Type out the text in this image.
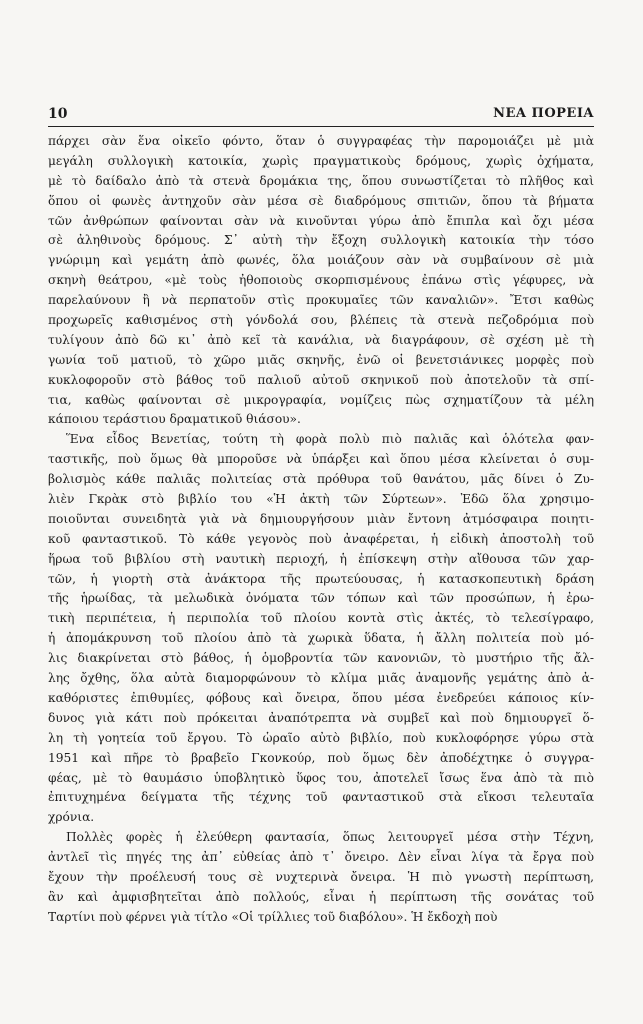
10	ΝΕΑ ΠΟΡΕΙΑ

πάρχει σὰν ἕνα οἰκεῖο φόντο, ὅταν ὁ συγγραφέας τὴν παρομοιάζει μὲ μιὰ
μεγάλη συλλογικὴ κατοικία, χωρὶς πραγματικοὺς δρόμους, χωρὶς ὀχήματα,
μὲ τὸ δαίδαλο ἀπὸ τὰ στενὰ δρομάκια της, ὅπου συνωστίζεται τὸ πλῆθος καὶ
ὅπου οἱ φωνὲς ἀντηχοῦν σὰν μέσα σὲ διαδρόμους σπιτιῶν, ὅπου τὰ βήματα
τῶν ἀνθρώπων φαίνονται σὰν νὰ κινοῦνται γύρω ἀπὸ ἔπιπλα καὶ ὄχι μέσα
σὲ ἀληθινοὺς δρόμους. Σ᾽ αὐτὴ τὴν ἔξοχη συλλογικὴ κατοικία τὴν τόσο
γνώριμη καὶ γεμάτη ἀπὸ φωνές, ὅλα μοιάζουν σὰν νὰ συμβαίνουν σὲ μιὰ
σκηνὴ θεάτρου, «μὲ τοὺς ἠθοποιοὺς σκορπισμένους ἐπάνω στὶς γέφυρες, νὰ
παρελαύνουν ἢ νὰ περπατοῦν στὶς προκυμαῖες τῶν καναλιῶν». Ἔτσι καθὼς
προχωρεῖς καθισμένος στὴ γόνδολά σου, βλέπεις τὰ στενὰ πεζοδρόμια ποὺ
τυλίγουν ἀπὸ δῶ κι᾽ ἀπὸ κεῖ τὰ κανάλια, νὰ διαγράφουν, σὲ σχέση μὲ τὴ
γωνία τοῦ ματιοῦ, τὸ χῶρο μιᾶς σκηνῆς, ἐνῶ οἱ βενετσιάνικες μορφὲς ποὺ
κυκλοφοροῦν στὸ βάθος τοῦ παλιοῦ αὐτοῦ σκηνικοῦ ποὺ ἀποτελοῦν τὰ σπί-
τια, καθὼς φαίνονται σὲ μικρογραφία, νομίζεις πὼς σχηματίζουν τὰ μέλη
κάποιου τεράστιου δραματικοῦ θιάσου».

Ἕνα εἶδος Βενετίας, τούτη τὴ φορὰ πολὺ πιὸ παλιᾶς καὶ ὁλότελα φαν-
ταστικῆς, ποὺ ὅμως θὰ μποροῦσε νὰ ὑπάρξει καὶ ὅπου μέσα κλείνεται ὁ συμ-
βολισμὸς κάθε παλιᾶς πολιτείας στὰ πρόθυρα τοῦ θανάτου, μᾶς δίνει ὁ Ζυ-
λιὲν Γκρὰκ στὸ βιβλίο του «Ἡ ἀκτὴ τῶν Σύρτεων». Ἐδῶ ὅλα χρησιμο-
ποιοῦνται συνειδητὰ γιὰ νὰ δημιουργήσουν μιὰν ἔντονη ἀτμόσφαιρα ποιητι-
κοῦ φανταστικοῦ. Τὸ κάθε γεγονὸς ποὺ ἀναφέρεται, ἡ εἰδικὴ ἀποστολὴ τοῦ
ἥρωα τοῦ βιβλίου στὴ ναυτικὴ περιοχή, ἡ ἐπίσκεψη στὴν αἴθουσα τῶν χαρ-
τῶν, ἡ γιορτὴ στὰ ἀνάκτορα τῆς πρωτεύουσας, ἡ κατασκοπευτικὴ δράση
τῆς ἡρωίδας, τὰ μελωδικὰ ὀνόματα τῶν τόπων καὶ τῶν προσώπων, ἡ ἐρω-
τικὴ περιπέτεια, ἡ περιπολία τοῦ πλοίου κοντὰ στὶς ἀκτές, τὸ τελεσίγραφο,
ἡ ἀπομάκρυνση τοῦ πλοίου ἀπὸ τὰ χωρικὰ ὕδατα, ἡ ἄλλη πολιτεία ποὺ μό-
λις διακρίνεται στὸ βάθος, ἡ ὁμοβροντία τῶν κανονιῶν, τὸ μυστήριο τῆς ἄλ-
λης ὄχθης, ὅλα αὐτὰ διαμορφώνουν τὸ κλίμα μιᾶς ἀναμονῆς γεμάτης ἀπὸ ἀ-
καθόριστες ἐπιθυμίες, φόβους καὶ ὄνειρα, ὅπου μέσα ἐνεδρεύει κάποιος κίν-
δυνος γιὰ κάτι ποὺ πρόκειται ἀναπότρεπτα νὰ συμβεῖ καὶ ποὺ δημιουργεῖ ὅ-
λη τὴ γοητεία τοῦ ἔργου. Τὸ ὡραῖο αὐτὸ βιβλίο, ποὺ κυκλοφόρησε γύρω στὰ
1951 καὶ πῆρε τὸ βραβεῖο Γκονκούρ, ποὺ ὅμως δὲν ἀποδέχτηκε ὁ συγγρα-
φέας, μὲ τὸ θαυμάσιο ὑποβλητικὸ ὕφος του, ἀποτελεῖ ἴσως ἕνα ἀπὸ τὰ πιὸ
ἐπιτυχημένα δείγματα τῆς τέχνης τοῦ φανταστικοῦ στὰ εἴκοσι τελευταῖα
χρόνια.

Πολλὲς φορὲς ἡ ἐλεύθερη φαντασία, ὅπως λειτουργεῖ μέσα στὴν Τέχνη,
ἀντλεῖ τὶς πηγές της ἀπ᾽ εὐθείας ἀπὸ τ᾽ ὄνειρο. Δὲν εἶναι λίγα τὰ ἔργα ποὺ
ἔχουν τὴν προέλευσή τους σὲ νυχτερινὰ ὄνειρα. Ἡ πιὸ γνωστὴ περίπτωση,
ἂν καὶ ἀμφισβητεῖται ἀπὸ πολλούς, εἶναι ἡ περίπτωση τῆς σονάτας τοῦ
Ταρτίνι ποὺ φέρνει γιὰ τίτλο «Οἱ τρίλλιες τοῦ διαβόλου». Ἡ ἔκδοχὴ ποὺ
